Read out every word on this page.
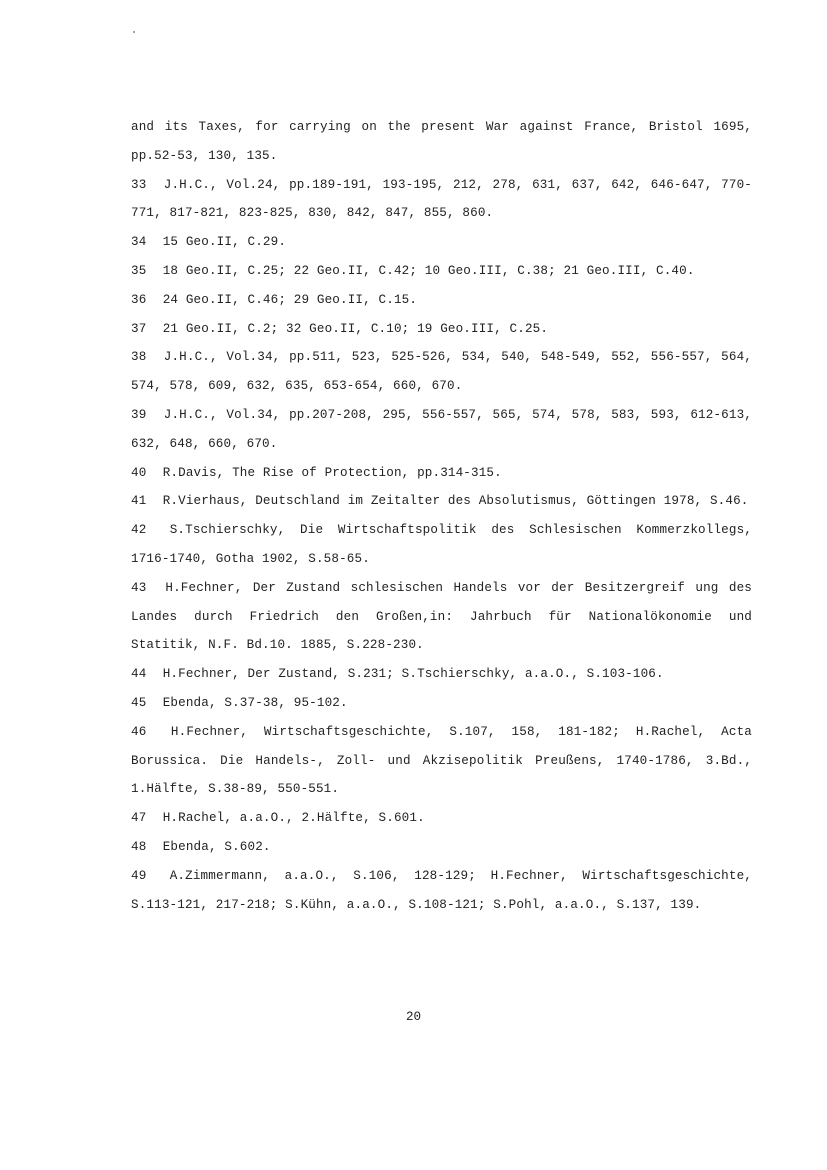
and its Taxes, for carrying on the present War against France, Bristol 1695, pp.52-53, 130, 135.

33 J.H.C., Vol.24, pp.189-191, 193-195, 212, 278, 631, 637, 642, 646-647, 770-771, 817-821, 823-825, 830, 842, 847, 855, 860.

34 15 Geo.II, C.29.

35 18 Geo.II, C.25; 22 Geo.II, C.42; 10 Geo.III, C.38; 21 Geo.III, C.40.

36 24 Geo.II, C.46; 29 Geo.II, C.15.

37 21 Geo.II, C.2; 32 Geo.II, C.10; 19 Geo.III, C.25.

38 J.H.C., Vol.34, pp.511, 523, 525-526, 534, 540, 548-549, 552, 556-557, 564, 574, 578, 609, 632, 635, 653-654, 660, 670.

39 J.H.C., Vol.34, pp.207-208, 295, 556-557, 565, 574, 578, 583, 593, 612-613, 632, 648, 660, 670.

40 R.Davis, The Rise of Protection, pp.314-315.

41 R.Vierhaus, Deutschland im Zeitalter des Absolutismus, Göttingen 1978, S.46.

42 S.Tschierschky, Die Wirtschaftspolitik des Schlesischen Kommerzkollegs, 1716-1740, Gotha 1902, S.58-65.

43 H.Fechner, Der Zustand schlesischen Handels vor der Besitzergreif ung des Landes durch Friedrich den Großen,in: Jahrbuch für Nationalökonomie und Statitik, N.F. Bd.10. 1885, S.228-230.

44 H.Fechner, Der Zustand, S.231; S.Tschierschky, a.a.O., S.103-106.

45 Ebenda, S.37-38, 95-102.

46 H.Fechner, Wirtschaftsgeschichte, S.107, 158, 181-182; H.Rachel, Acta Borussica. Die Handels-, Zoll- und Akzisepolitik Preußens, 1740-1786, 3.Bd., 1.Hälfte, S.38-89, 550-551.

47 H.Rachel, a.a.O., 2.Hälfte, S.601.

48 Ebenda, S.602.

49 A.Zimmermann, a.a.O., S.106, 128-129; H.Fechner, Wirtschaftsgeschichte, S.113-121, 217-218; S.Kühn, a.a.O., S.108-121; S.Pohl, a.a.O., S.137, 139.

20
